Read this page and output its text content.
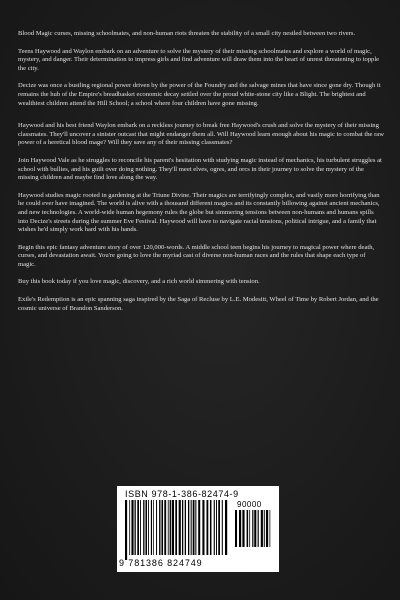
Blood Magic curses, missing schoolmates, and non-human riots threaten the stability of a small city nestled between two rivers.

Teens Haywood and Waylon embark on an adventure to solve the mystery of their missing schoolmates and explore a world of magic, mystery, and danger. Their determination to impress girls and find adventure will draw them into the heart of unrest threatening to topple the city.

Decize was once a bustling regional power driven by the power of the Foundry and the salvage mines that have since gone dry. Though it remains the hub of the Empire's breadbasket economic decay settled over the proud white-stone city like a Blight. The brightest and wealthiest children attend the Hill School; a school where four children have gone missing.

Haywood and his best friend Waylon embark on a reckless journey to break free Haywood's crush and solve the mystery of their missing classmates. They'll uncover a sinister outcast that might endanger them all. Will Haywood learn enough about his magic to combat the raw power of a heretical blood mage? Will they save any of their missing classmates?

Join Haywood Vale as he struggles to reconcile his parent's hesitation with studying magic instead of mechanics, his turbulent struggles at school with bullies, and his guilt over doing nothing. They'll meet elves, ogres, and orcs in their journey to solve the mystery of the missing children and maybe find love along the way.

Haywood studies magic rooted in gardening at the Triune Divine. Their magics are terrifyingly complex, and vastly more horrifying than he could ever have imagined. The world is alive with a thousand different magics and its constantly billowing against ancient mechanics, and new technologies. A world-wide human hegemony rules the globe but simmering tensions between non-humans and humans spills into Decize's streets during the summer Eve Festival. Haywood will have to navigate racial tensions, political intrigue, and a family that wishes he'd simply work hard with his hands.

Begin this epic fantasy adventure story of over 120,000-words. A middle school teen begins his journey to magical power where death, curses, and devastation await. You're going to love the myriad cast of diverse non-human races and the rules that shape each type of magic.

Buy this book today if you love magic, discovery, and a rich world simmering with tension.

Exile's Redemption is an epic spanning saga inspired by the Saga of Recluse by L.E. Modesitt, Wheel of Time by Robert Jordan, and the cosmic universe of Brandon Sanderson.

ISBN 978-1-386-82474-9
90000
9 781386 824749
